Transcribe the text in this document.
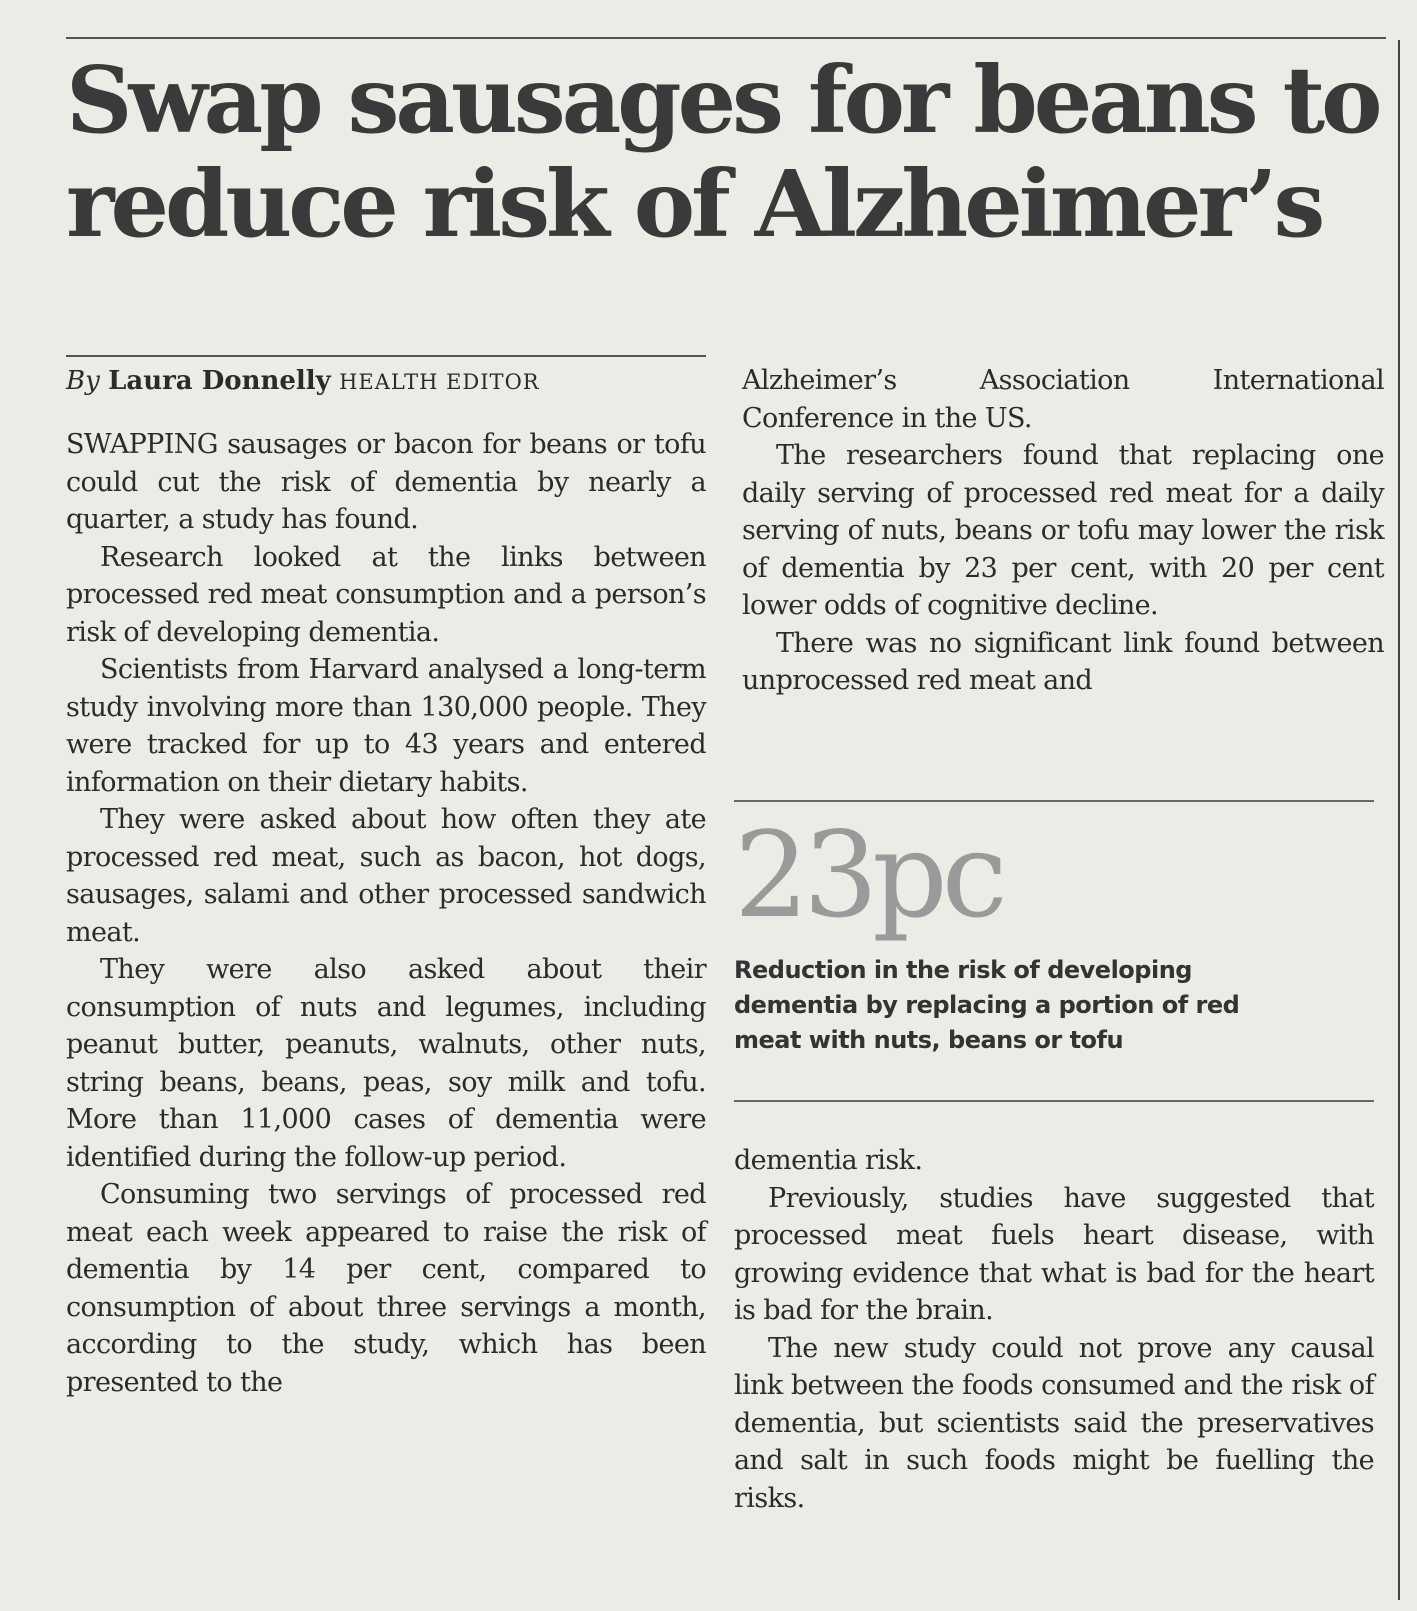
Swap sausages for beans to reduce risk of Alzheimer’s
By Laura Donnelly HEALTH EDITOR

SWAPPING sausages or bacon for beans or tofu could cut the risk of dementia by nearly a quarter, a study has found.

Research looked at the links between processed red meat consumption and a person’s risk of developing dementia.

Scientists from Harvard analysed a long-term study involving more than 130,000 people. They were tracked for up to 43 years and entered information on their dietary habits.

They were asked about how often they ate processed red meat, such as bacon, hot dogs, sausages, salami and other processed sandwich meat.

They were also asked about their consumption of nuts and legumes, including peanut butter, peanuts, walnuts, other nuts, string beans, beans, peas, soy milk and tofu. More than 11,000 cases of dementia were identified during the follow-up period.

Consuming two servings of processed red meat each week appeared to raise the risk of dementia by 14 per cent, compared to consumption of about three servings a month, according to the study, which has been presented to the

Alzheimer’s Association International Conference in the US.

The researchers found that replacing one daily serving of processed red meat for a daily serving of nuts, beans or tofu may lower the risk of dementia by 23 per cent, with 20 per cent lower odds of cognitive decline.

There was no significant link found between unprocessed red meat and

23pc
Reduction in the risk of developing dementia by replacing a portion of red meat with nuts, beans or tofu

dementia risk.

Previously, studies have suggested that processed meat fuels heart disease, with growing evidence that what is bad for the heart is bad for the brain.

The new study could not prove any causal link between the foods consumed and the risk of dementia, but scientists said the preservatives and salt in such foods might be fuelling the risks.
